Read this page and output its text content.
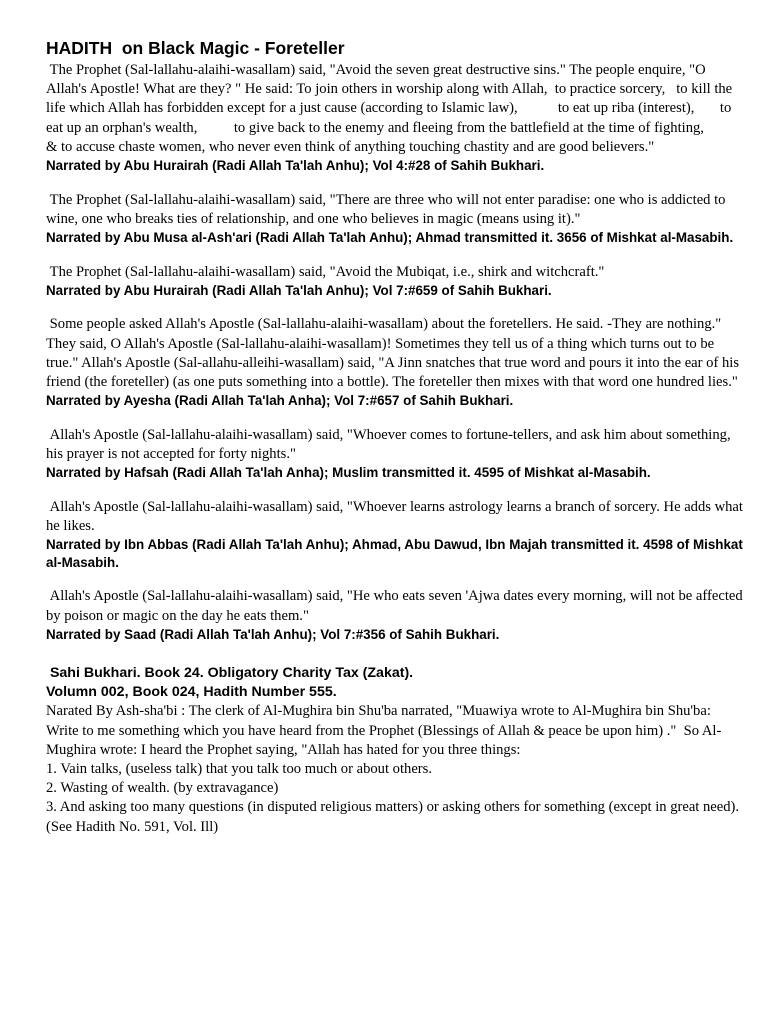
HADITH  on Black Magic - Foreteller
The Prophet (Sal-lallahu-alaihi-wasallam) said, "Avoid the seven great destructive sins." The people enquire, "O Allah's Apostle! What are they? " He said: To join others in worship along with Allah,  to practice sorcery,   to kill the life which Allah has forbidden except for a just cause (according to Islamic law),           to eat up riba (interest),       to eat up an orphan's wealth,          to give back to the enemy and fleeing from the battlefield at the time of fighting,            & to accuse chaste women, who never even think of anything touching chastity and are good believers."
Narrated by Abu Hurairah (Radi Allah Ta'lah Anhu); Vol 4:#28 of Sahih Bukhari.
The Prophet (Sal-lallahu-alaihi-wasallam) said, "There are three who will not enter paradise: one who is addicted to wine, one who breaks ties of relationship, and one who believes in magic (means using it)."
Narrated by Abu Musa al-Ash'ari (Radi Allah Ta'lah Anhu); Ahmad transmitted it. 3656 of Mishkat al-Masabih.
The Prophet (Sal-lallahu-alaihi-wasallam) said, "Avoid the Mubiqat, i.e., shirk and witchcraft."
Narrated by Abu Hurairah (Radi Allah Ta'lah Anhu); Vol 7:#659 of Sahih Bukhari.
Some people asked Allah's Apostle (Sal-lallahu-alaihi-wasallam) about the foretellers. He said. -They are nothing." They said, O Allah's Apostle (Sal-lallahu-alaihi-wasallam)! Sometimes they tell us of a thing which turns out to be true." Allah's Apostle (Sal-allahu-alleihi-wasallam) said, "A Jinn snatches that true word and pours it into the ear of his friend (the foreteller) (as one puts something into a bottle). The foreteller then mixes with that word one hundred lies."
Narrated by Ayesha (Radi Allah Ta'lah Anha); Vol 7:#657 of Sahih Bukhari.
Allah's Apostle (Sal-lallahu-alaihi-wasallam) said, "Whoever comes to fortune-tellers, and ask him about something, his prayer is not accepted for forty nights."
Narrated by Hafsah (Radi Allah Ta'lah Anha); Muslim transmitted it. 4595 of Mishkat al-Masabih.
Allah's Apostle (Sal-lallahu-alaihi-wasallam) said, "Whoever learns astrology learns a branch of sorcery. He adds what he likes.
Narrated by Ibn Abbas (Radi Allah Ta'lah Anhu); Ahmad, Abu Dawud, Ibn Majah transmitted it. 4598 of Mishkat al-Masabih.
Allah's Apostle (Sal-lallahu-alaihi-wasallam) said, "He who eats seven 'Ajwa dates every morning, will not be affected by poison or magic on the day he eats them."
Narrated by Saad (Radi Allah Ta'lah Anhu); Vol 7:#356 of Sahih Bukhari.
Sahi Bukhari. Book 24. Obligatory Charity Tax (Zakat).
Volumn 002, Book 024, Hadith Number 555.
Narated By Ash-sha'bi : The clerk of Al-Mughira bin Shu'ba narrated, "Muawiya wrote to Al-Mughira bin Shu'ba: Write to me something which you have heard from the Prophet (Blessings of Allah & peace be upon him) ."  So Al-Mughira wrote: I heard the Prophet saying, "Allah has hated for you three things:
1. Vain talks, (useless talk) that you talk too much or about others.
2. Wasting of wealth. (by extravagance)
3. And asking too many questions (in disputed religious matters) or asking others for something (except in great need). (See Hadith No. 591, Vol. Ill)
